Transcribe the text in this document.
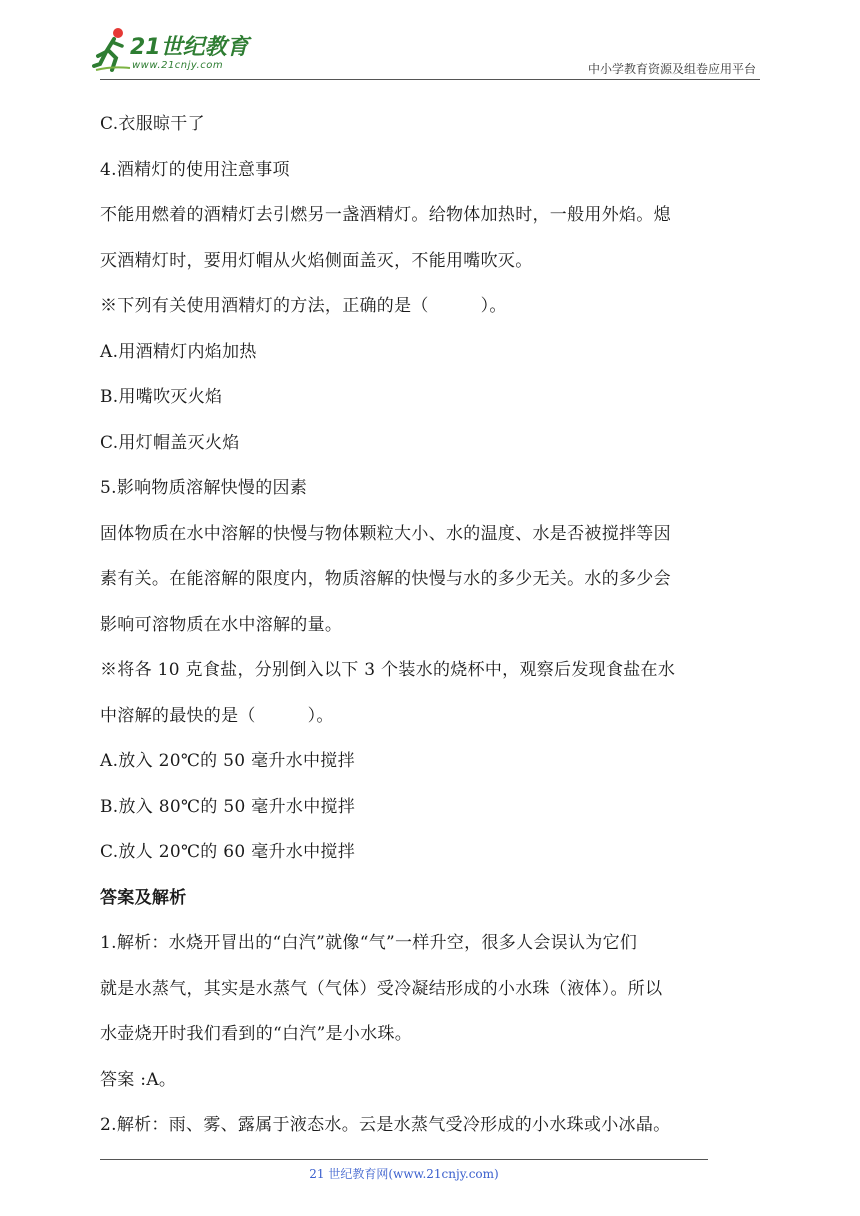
21世纪教育
www.21cnjy.com	中小学教育资源及组卷应用平台
C.衣服晾干了
4.酒精灯的使用注意事项
不能用燃着的酒精灯去引燃另一盏酒精灯。给物体加热时，一般用外焰。熄
灭酒精灯时，要用灯帽从火焰侧面盖灭，不能用嘴吹灭。
※下列有关使用酒精灯的方法，正确的是（　　　）。
A.用酒精灯内焰加热
B.用嘴吹灭火焰
C.用灯帽盖灭火焰
5.影响物质溶解快慢的因素
固体物质在水中溶解的快慢与物体颗粒大小、水的温度、水是否被搅拌等因
素有关。在能溶解的限度内，物质溶解的快慢与水的多少无关。水的多少会
影响可溶物质在水中溶解的量。
※将各 10 克食盐，分别倒入以下 3 个装水的烧杯中，观察后发现食盐在水
中溶解的最快的是（　　　）。
A.放入 20℃的 50 毫升水中搅拌
B.放入 80℃的 50 毫升水中搅拌
C.放人 20℃的 60 毫升水中搅拌
答案及解析
1.解析：水烧开冒出的“白汽”就像“气”一样升空，很多人会误认为它们
就是水蒸气，其实是水蒸气（气体）受冷凝结形成的小水珠（液体）。所以
水壶烧开时我们看到的“白汽”是小水珠。
答案 :A。
2.解析：雨、雾、露属于液态水。云是水蒸气受冷形成的小水珠或小冰晶。
21 世纪教育网(www.21cnjy.com)
